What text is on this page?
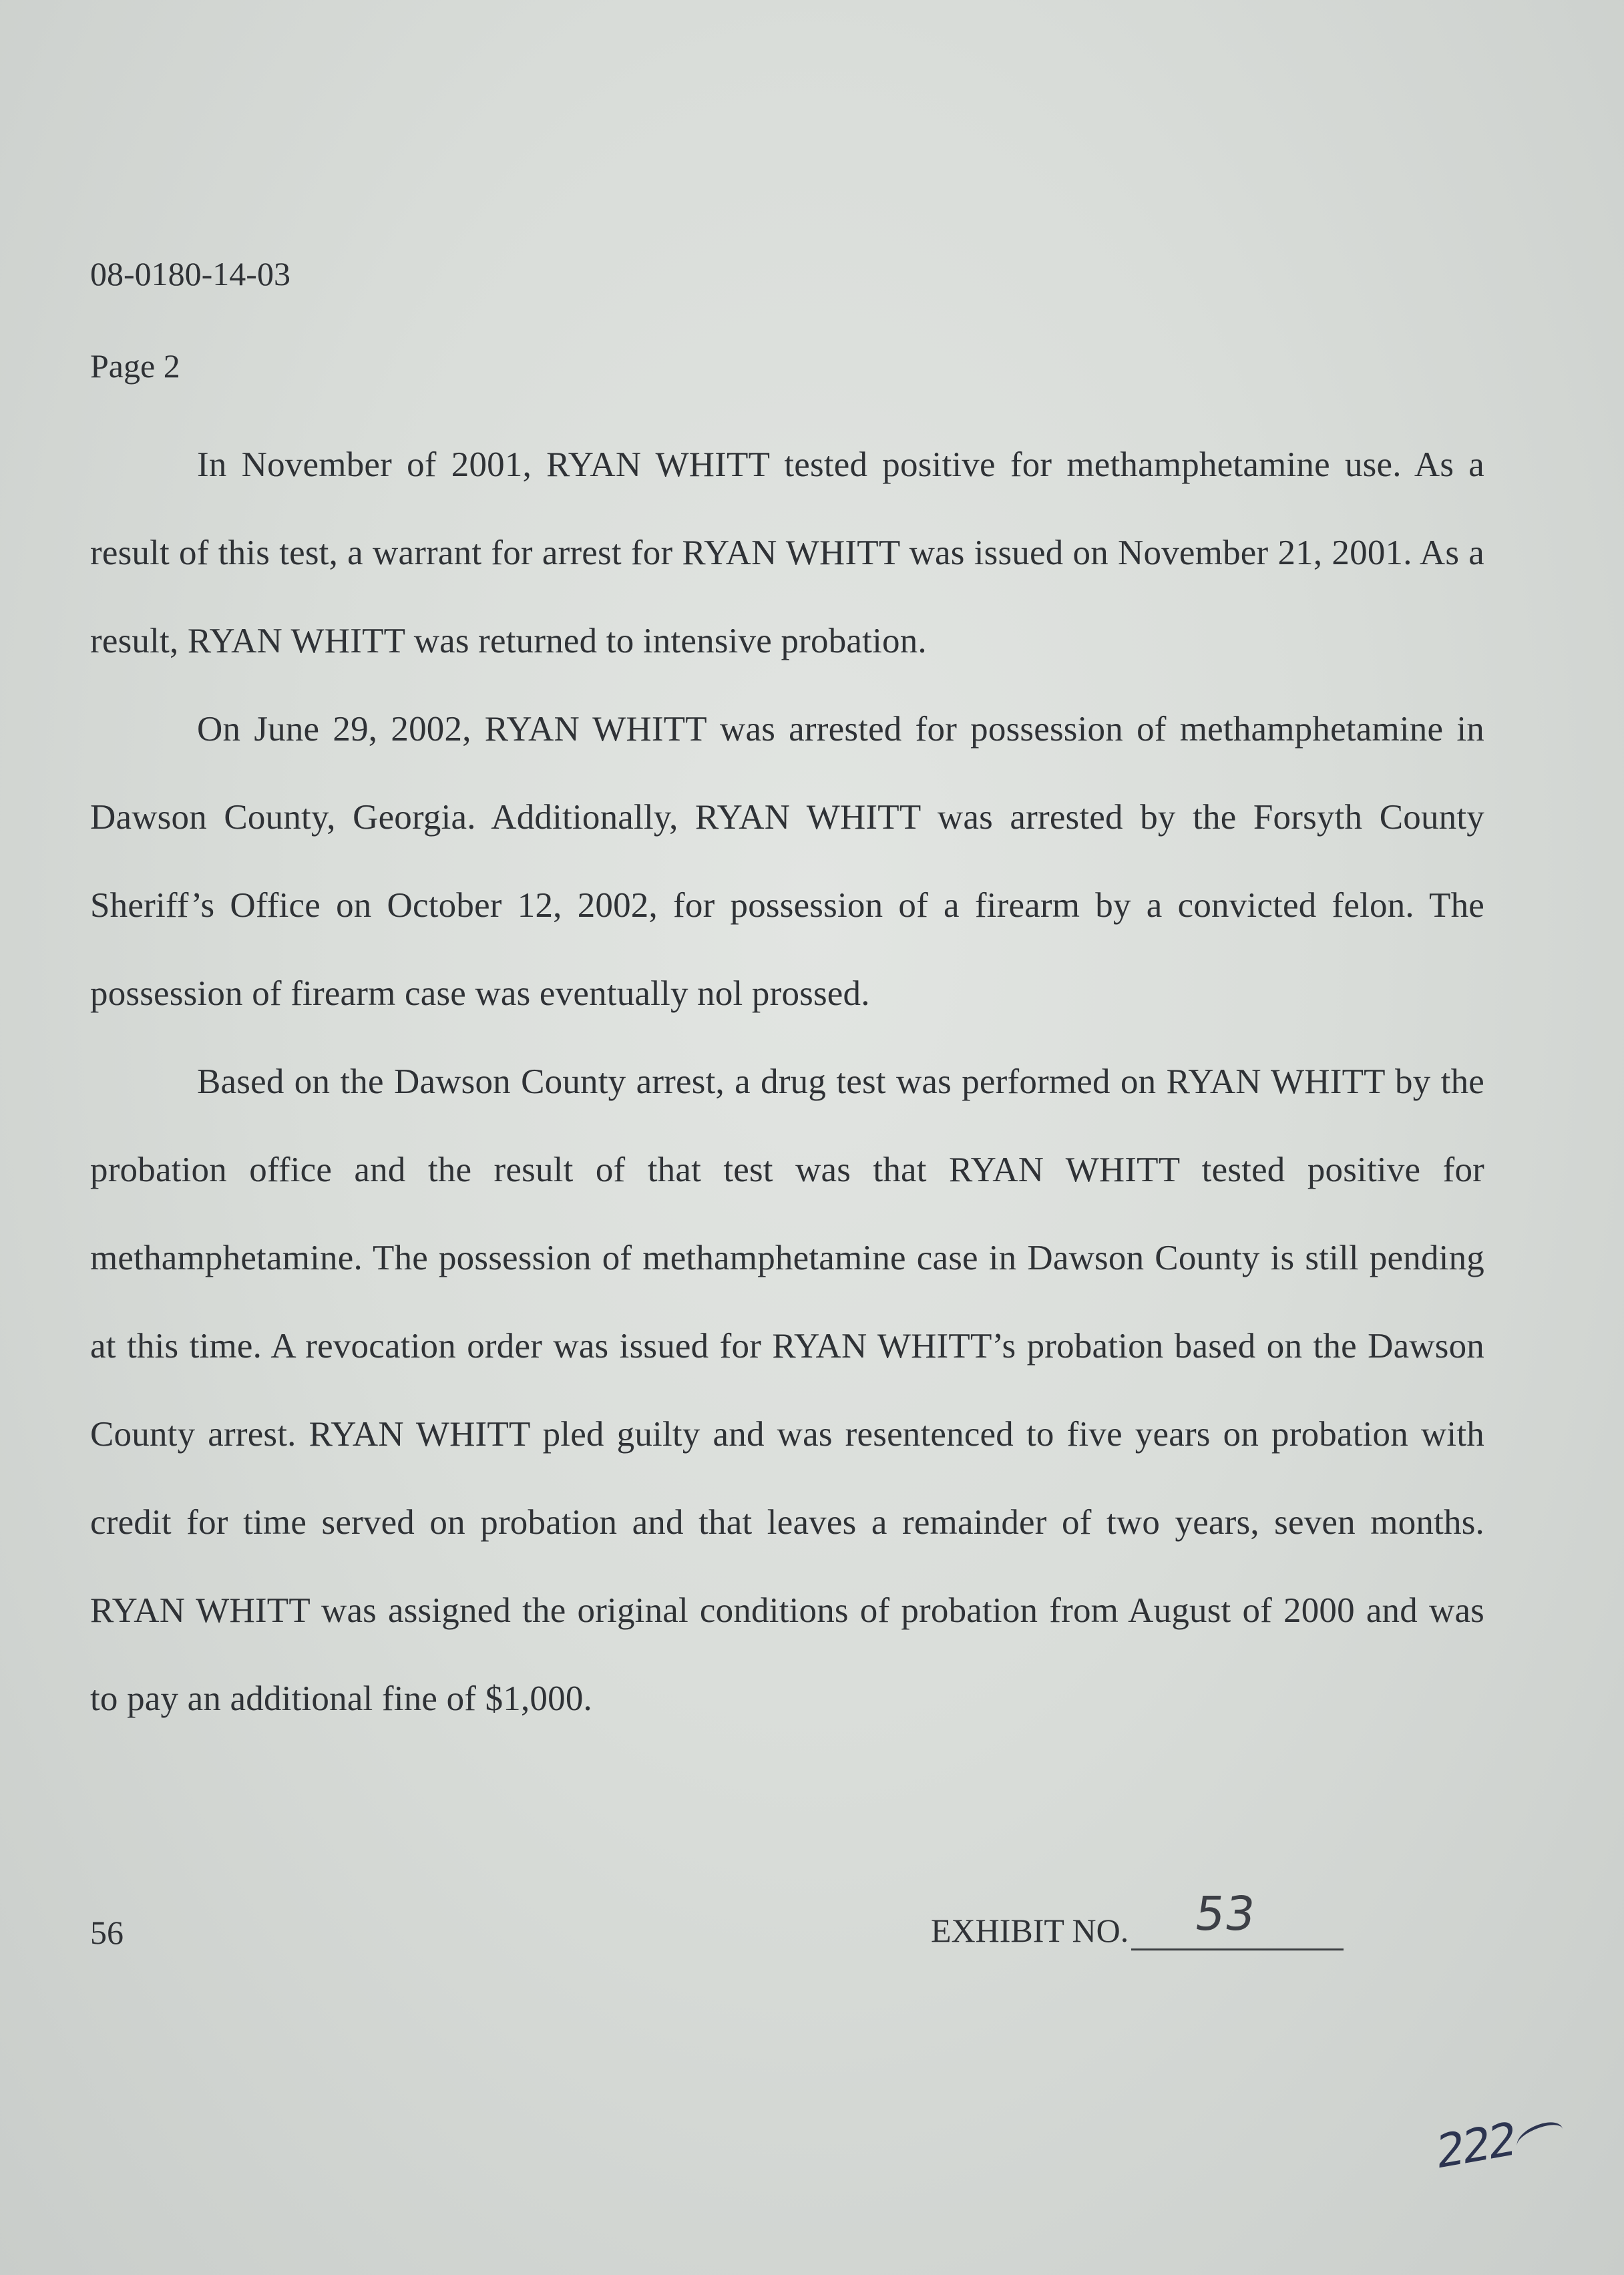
08-0180-14-03
Page 2

In November of 2001, RYAN WHITT tested positive for methamphetamine use. As a result of this test, a warrant for arrest for RYAN WHITT was issued on November 21, 2001. As a result, RYAN WHITT was returned to intensive probation.

On June 29, 2002, RYAN WHITT was arrested for possession of methamphetamine in Dawson County, Georgia. Additionally, RYAN WHITT was arrested by the Forsyth County Sheriff’s Office on October 12, 2002, for possession of a firearm by a convicted felon. The possession of firearm case was eventually nol prossed.

Based on the Dawson County arrest, a drug test was performed on RYAN WHITT by the probation office and the result of that test was that RYAN WHITT tested positive for methamphetamine. The possession of methamphetamine case in Dawson County is still pending at this time. A revocation order was issued for RYAN WHITT’s probation based on the Dawson County arrest. RYAN WHITT pled guilty and was resentenced to five years on probation with credit for time served on probation and that leaves a remainder of two years, seven months. RYAN WHITT was assigned the original conditions of probation from August of 2000 and was to pay an additional fine of $1,000.

56	EXHIBIT NO. 53
222
